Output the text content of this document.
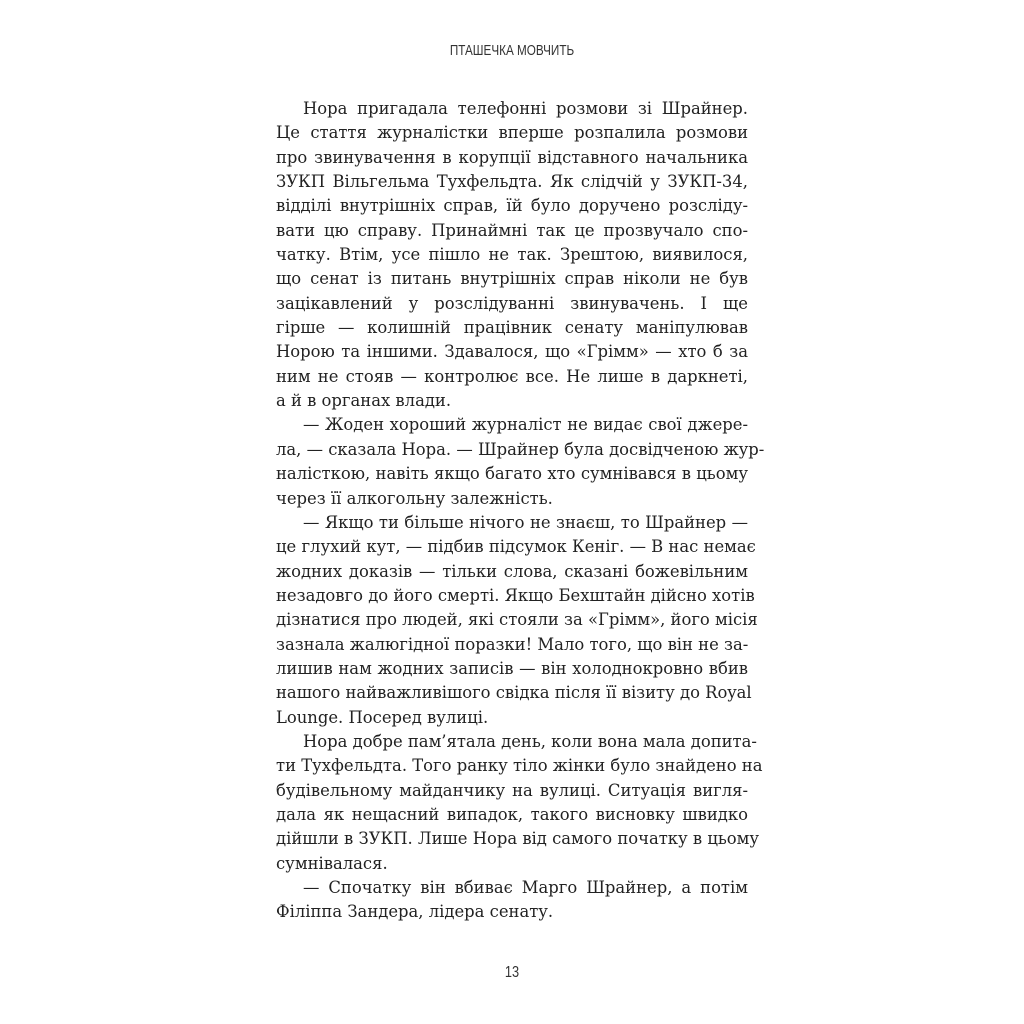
ПТАШЕЧКА МОВЧИТЬ
Нора пригадала телефонні розмови зі Шрайнер.
Це стаття журналістки вперше розпалила розмови
про звинувачення в корупції відставного начальника
ЗУКП Вільгельма Тухфельдта. Як слідчій у ЗУКП-34,
відділі внутрішніх справ, їй було доручено розсліду-
вати цю справу. Принаймні так це прозвучало спо-
чатку. Втім, усе пішло не так. Зрештою, виявилося,
що сенат із питань внутрішніх справ ніколи не був
зацікавлений у розслідуванні звинувачень. І ще
гірше — колишній працівник сенату маніпулював
Норою та іншими. Здавалося, що «Грімм» — хто б за
ним не стояв — контролює все. Не лише в даркнеті,
а й в органах влади.
— Жоден хороший журналіст не видає свої джере-
ла, — сказала Нора. — Шрайнер була досвідченою жур-
налісткою, навіть якщо багато хто сумнівався в цьому
через її алкогольну залежність.
— Якщо ти більше нічого не знаєш, то Шрайнер —
це глухий кут, — підбив підсумок Кеніг. — В нас немає
жодних доказів — тільки слова, сказані божевільним
незадовго до його смерті. Якщо Бехштайн дійсно хотів
дізнатися про людей, які стояли за «Грімм», його місія
зазнала жалюгідної поразки! Мало того, що він не за-
лишив нам жодних записів — він холоднокровно вбив
нашого найважливішого свідка після її візиту до Royal
Lounge. Посеред вулиці.
Нора добре пам’ятала день, коли вона мала допита-
ти Тухфельдта. Того ранку тіло жінки було знайдено на
будівельному майданчику на вулиці. Ситуація вигля-
дала як нещасний випадок, такого висновку швидко
дійшли в ЗУКП. Лише Нора від самого початку в цьому
сумнівалася.
— Спочатку він вбиває Марго Шрайнер, а потім
Філіппа Зандера, лідера сенату.
13
